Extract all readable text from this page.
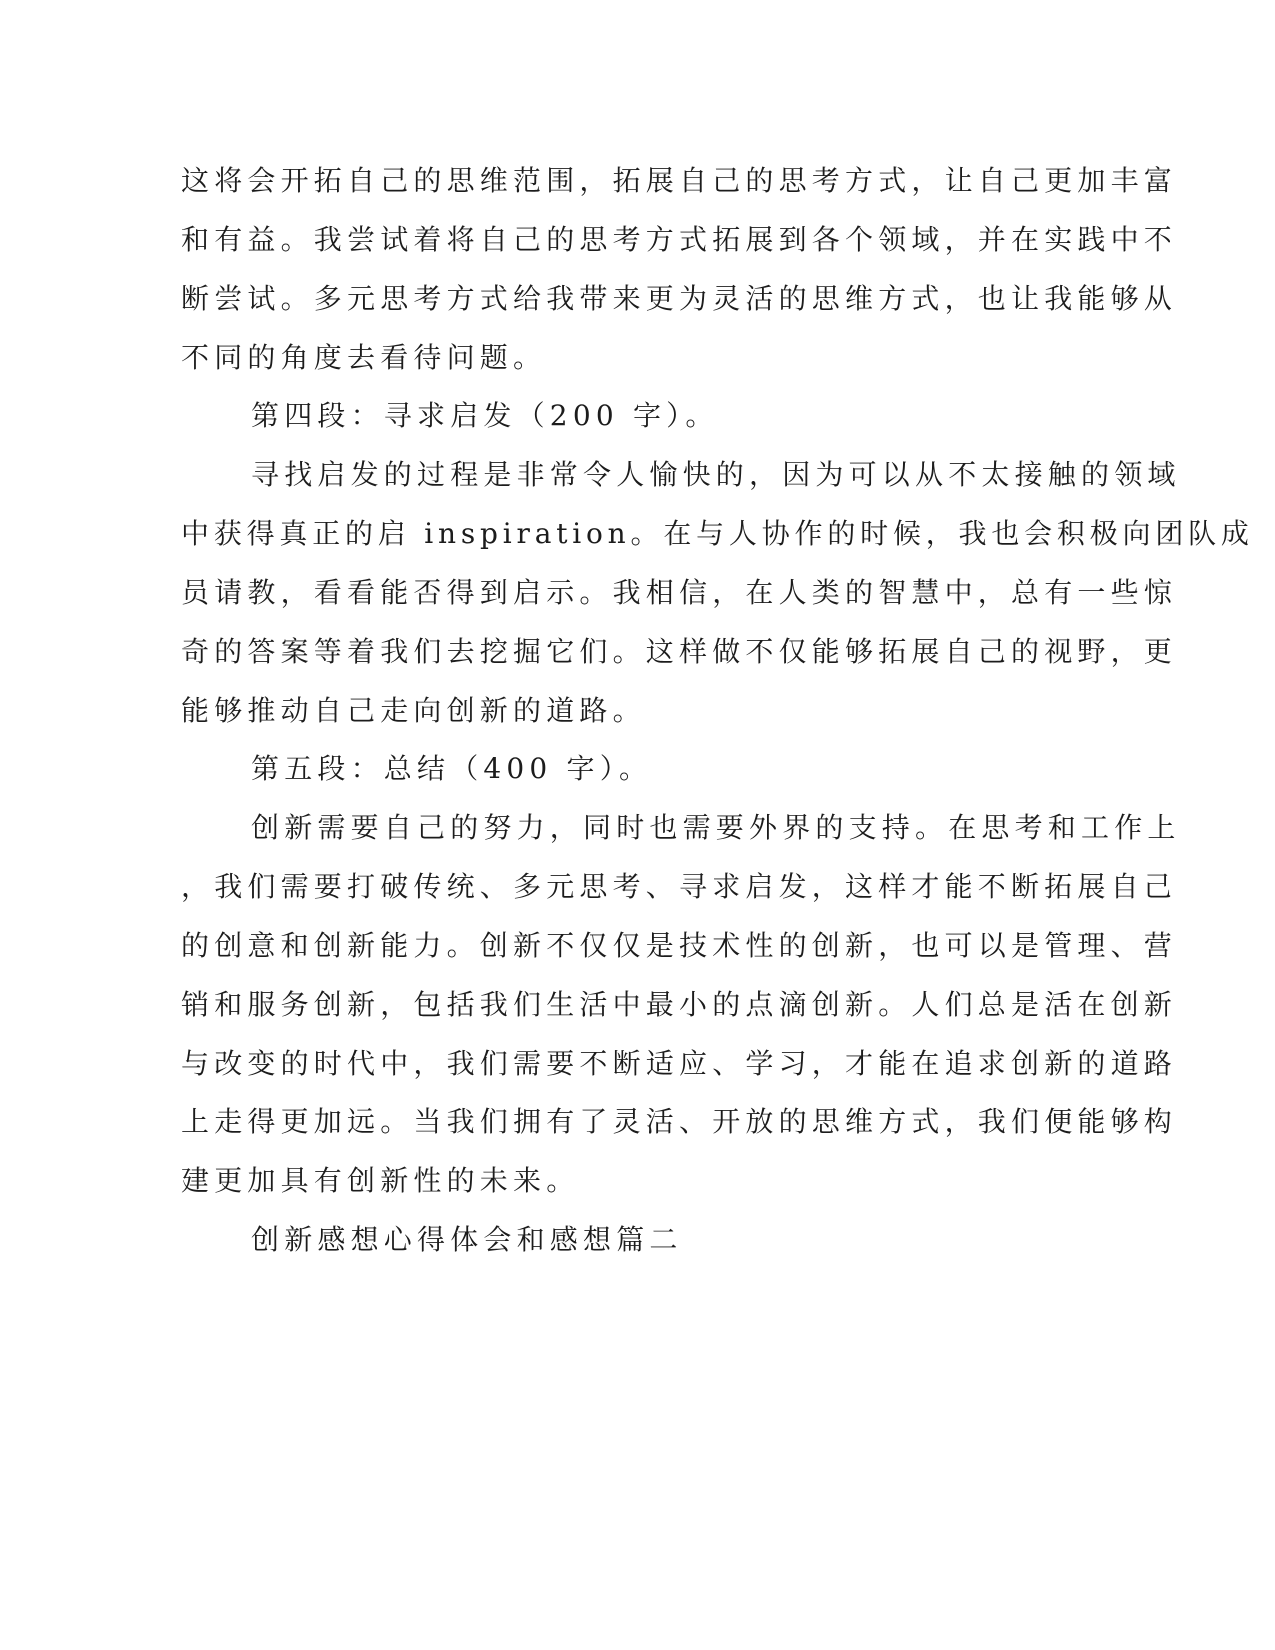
这将会开拓自己的思维范围，拓展自己的思考方式，让自己更加丰富

和有益。我尝试着将自己的思考方式拓展到各个领域，并在实践中不

断尝试。多元思考方式给我带来更为灵活的思维方式，也让我能够从

不同的角度去看待问题。

第四段：寻求启发（200 字）。

寻找启发的过程是非常令人愉快的，因为可以从不太接触的领域

中获得真正的启 inspiration。在与人协作的时候，我也会积极向团队成

员请教，看看能否得到启示。我相信，在人类的智慧中，总有一些惊

奇的答案等着我们去挖掘它们。这样做不仅能够拓展自己的视野，更

能够推动自己走向创新的道路。

第五段：总结（400 字）。

创新需要自己的努力，同时也需要外界的支持。在思考和工作上

，我们需要打破传统、多元思考、寻求启发，这样才能不断拓展自己

的创意和创新能力。创新不仅仅是技术性的创新，也可以是管理、营

销和服务创新，包括我们生活中最小的点滴创新。人们总是活在创新

与改变的时代中，我们需要不断适应、学习，才能在追求创新的道路

上走得更加远。当我们拥有了灵活、开放的思维方式，我们便能够构

建更加具有创新性的未来。

创新感想心得体会和感想篇二
